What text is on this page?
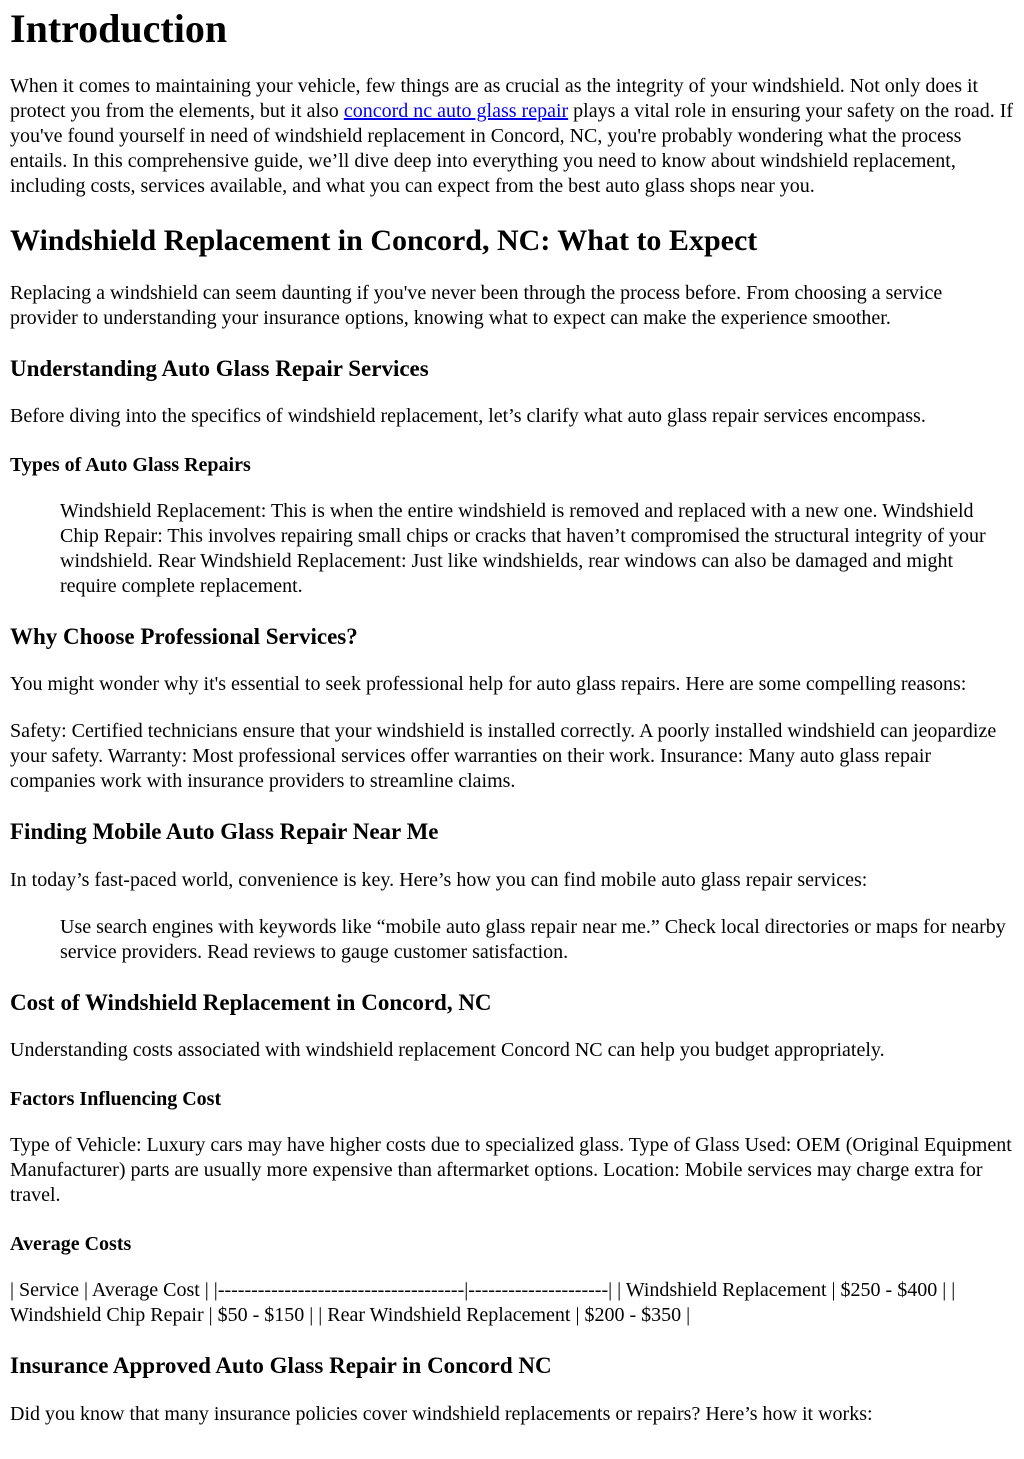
Introduction

When it comes to maintaining your vehicle, few things are as crucial as the integrity of your windshield. Not only does it protect you from the elements, but it also concord nc auto glass repair plays a vital role in ensuring your safety on the road. If you've found yourself in need of windshield replacement in Concord, NC, you're probably wondering what the process entails. In this comprehensive guide, we’ll dive deep into everything you need to know about windshield replacement, including costs, services available, and what you can expect from the best auto glass shops near you.

Windshield Replacement in Concord, NC: What to Expect

Replacing a windshield can seem daunting if you've never been through the process before. From choosing a service provider to understanding your insurance options, knowing what to expect can make the experience smoother.

Understanding Auto Glass Repair Services

Before diving into the specifics of windshield replacement, let’s clarify what auto glass repair services encompass.

Types of Auto Glass Repairs
Windshield Replacement: This is when the entire windshield is removed and replaced with a new one. Windshield Chip Repair: This involves repairing small chips or cracks that haven’t compromised the structural integrity of your windshield. Rear Windshield Replacement: Just like windshields, rear windows can also be damaged and might require complete replacement.
Why Choose Professional Services?

You might wonder why it's essential to seek professional help for auto glass repairs. Here are some compelling reasons:

Safety: Certified technicians ensure that your windshield is installed correctly. A poorly installed windshield can jeopardize your safety. Warranty: Most professional services offer warranties on their work. Insurance: Many auto glass repair companies work with insurance providers to streamline claims.

Finding Mobile Auto Glass Repair Near Me

In today’s fast-paced world, convenience is key. Here’s how you can find mobile auto glass repair services:

Use search engines with keywords like “mobile auto glass repair near me.” Check local directories or maps for nearby service providers. Read reviews to gauge customer satisfaction.
Cost of Windshield Replacement in Concord, NC

Understanding costs associated with windshield replacement Concord NC can help you budget appropriately.

Factors Influencing Cost

Type of Vehicle: Luxury cars may have higher costs due to specialized glass. Type of Glass Used: OEM (Original Equipment Manufacturer) parts are usually more expensive than aftermarket options. Location: Mobile services may charge extra for travel.

Average Costs

| Service | Average Cost | |-------------------------------------|---------------------| | Windshield Replacement | $250 - $400 | | Windshield Chip Repair | $50 - $150 | | Rear Windshield Replacement | $200 - $350 |

Insurance Approved Auto Glass Repair in Concord NC

Did you know that many insurance policies cover windshield replacements or repairs? Here’s how it works:
